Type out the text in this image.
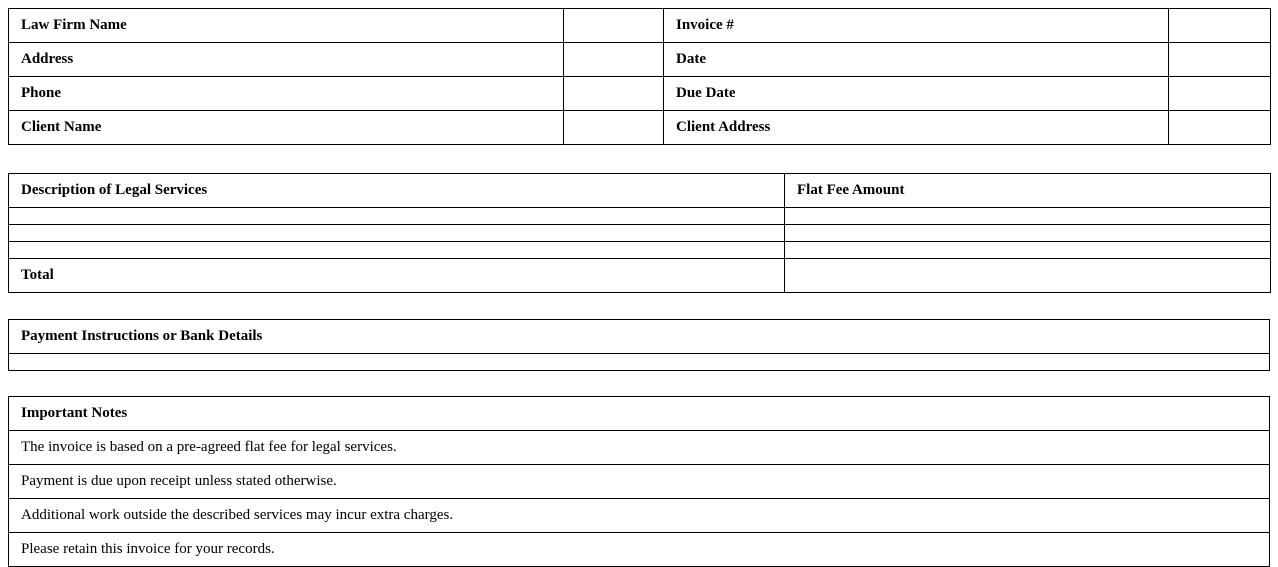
Law Firm Name		Invoice #	
Address		Date	
Phone		Due Date	
Client Name		Client Address	
Description of Legal Services	Flat Fee Amount

Total	
Payment Instructions or Bank Details

Important Notes
The invoice is based on a pre-agreed flat fee for legal services.
Payment is due upon receipt unless stated otherwise.
Additional work outside the described services may incur extra charges.
Please retain this invoice for your records.
